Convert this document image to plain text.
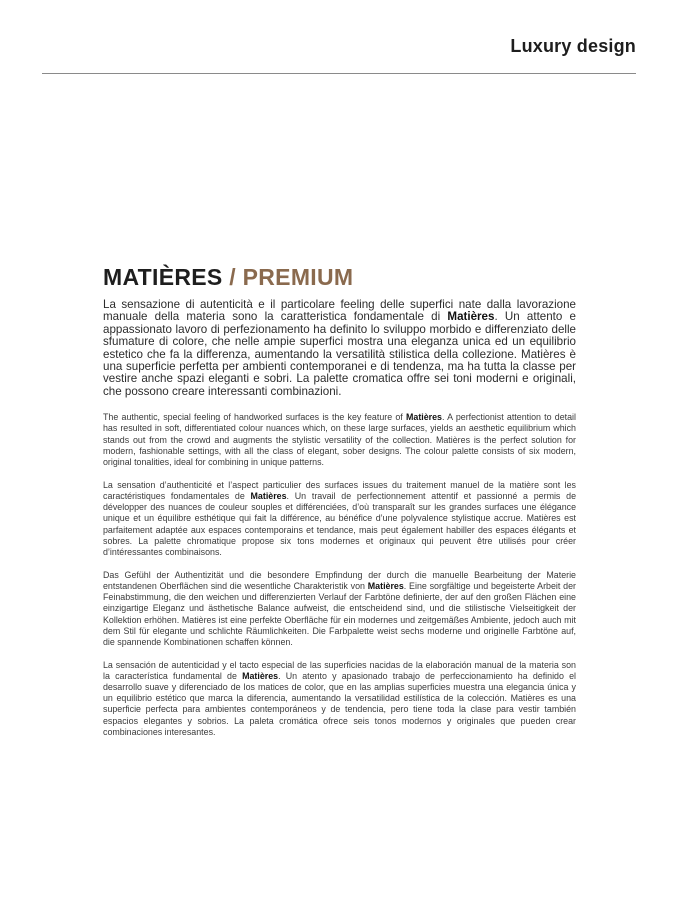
Luxury design
MATIÈRES / PREMIUM

La sensazione di autenticità e il particolare feeling delle superfici nate dalla lavorazione manuale della materia sono la caratteristica fondamentale di Matières. Un attento e appassionato lavoro di perfezionamento ha definito lo sviluppo morbido e differenziato delle sfumature di colore, che nelle ampie superfici mostra una eleganza unica ed un equilibrio estetico che fa la differenza, aumentando la versatilità stilistica della collezione. Matières è una superficie perfetta per ambienti contemporanei e di tendenza, ma ha tutta la classe per vestire anche spazi eleganti e sobri. La palette cromatica offre sei toni moderni e originali, che possono creare interessanti combinazioni.

The authentic, special feeling of handworked surfaces is the key feature of Matières. A perfectionist attention to detail has resulted in soft, differentiated colour nuances which, on these large surfaces, yields an aesthetic equilibrium which stands out from the crowd and augments the stylistic versatility of the collection. Matières is the perfect solution for modern, fashionable settings, with all the class of elegant, sober designs. The colour palette consists of six modern, original tonalities, ideal for combining in unique patterns.

La sensation d’authenticité et l’aspect particulier des surfaces issues du traitement manuel de la matière sont les caractéristiques fondamentales de Matières. Un travail de perfectionnement attentif et passionné a permis de développer des nuances de couleur souples et différenciées, d’où transparaît sur les grandes surfaces une élégance unique et un équilibre esthétique qui fait la différence, au bénéfice d’une polyvalence stylistique accrue. Matières est parfaitement adaptée aux espaces contemporains et tendance, mais peut également habiller des espaces élégants et sobres. La palette chromatique propose six tons modernes et originaux qui peuvent être utilisés pour créer d’intéressantes combinaisons.

Das Gefühl der Authentizität und die besondere Empfindung der durch die manuelle Bearbeitung der Materie entstandenen Oberflächen sind die wesentliche Charakteristik von Matières. Eine sorgfältige und begeisterte Arbeit der Feinabstimmung, die den weichen und differenzierten Verlauf der Farbtöne definierte, der auf den großen Flächen eine einzigartige Eleganz und ästhetische Balance aufweist, die entscheidend sind, und die stilistische Vielseitigkeit der Kollektion erhöhen. Matières ist eine perfekte Oberfläche für ein modernes und zeitgemäßes Ambiente, jedoch auch mit dem Stil für elegante und schlichte Räumlichkeiten. Die Farbpalette weist sechs moderne und originelle Farbtöne auf, die spannende Kombinationen schaffen können.

La sensación de autenticidad y el tacto especial de las superficies nacidas de la elaboración manual de la materia son la característica fundamental de Matières. Un atento y apasionado trabajo de perfeccionamiento ha definido el desarrollo suave y diferenciado de los matices de color, que en las amplias superficies muestra una elegancia única y un equilibrio estético que marca la diferencia, aumentando la versatilidad estilística de la colección. Matières es una superficie perfecta para ambientes contemporáneos y de tendencia, pero tiene toda la clase para vestir también espacios elegantes y sobrios. La paleta cromática ofrece seis tonos modernos y originales que pueden crear combinaciones interesantes.
